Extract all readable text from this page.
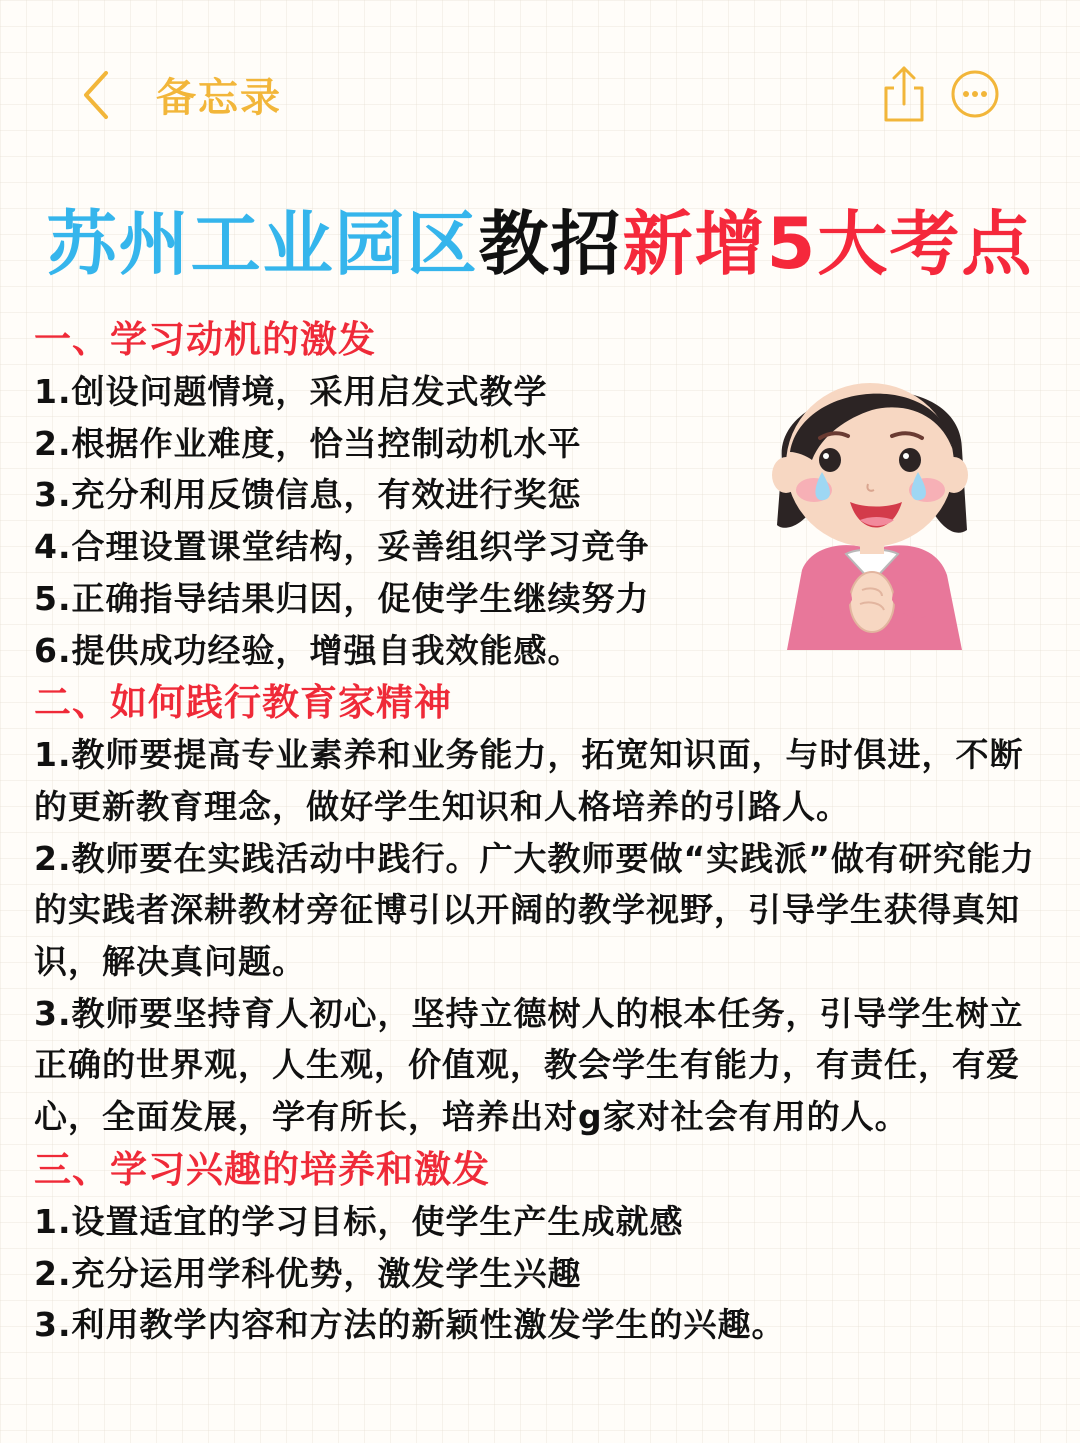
备忘录
苏州工业园区教招新增5大考点

一、学习动机的激发

1.创设问题情境，采用启发式教学

2.根据作业难度，恰当控制动机水平

3.充分利用反馈信息，有效进行奖惩

4.合理设置课堂结构，妥善组织学习竞争

5.正确指导结果归因，促使学生继续努力

6.提供成功经验，增强自我效能感。

二、如何践行教育家精神

1.教师要提高专业素养和业务能力，拓宽知识面，与时俱进，不断的更新教育理念，做好学生知识和人格培养的引路人。

2.教师要在实践活动中践行。广大教师要做“实践派”做有研究能力的实践者深耕教材旁征博引以开阔的教学视野，引导学生获得真知识，解决真问题。

3.教师要坚持育人初心，坚持立德树人的根本任务，引导学生树立正确的世界观，人生观，价值观，教会学生有能力，有责任，有爱心，全面发展，学有所长，培养出对g家对社会有用的人。

三、学习兴趣的培养和激发

1.设置适宜的学习目标，使学生产生成就感

2.充分运用学科优势，激发学生兴趣

3.利用教学内容和方法的新颖性激发学生的兴趣。
